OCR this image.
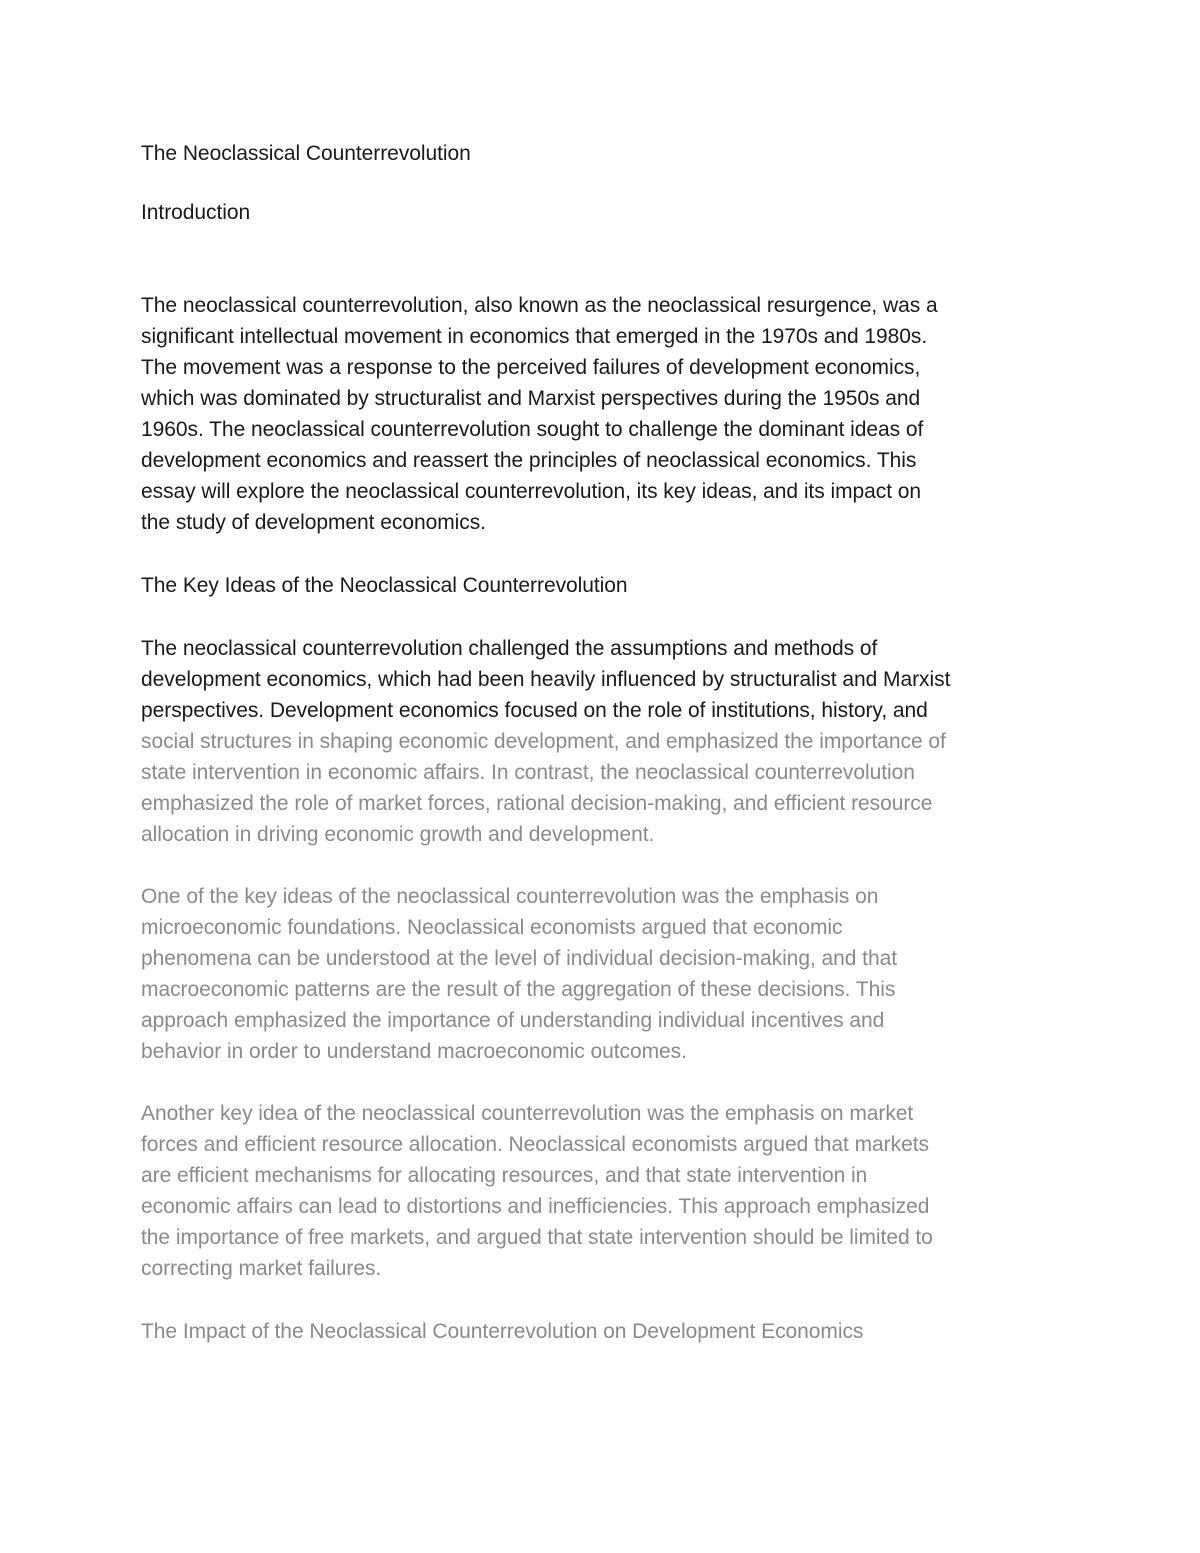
The Neoclassical Counterrevolution
Introduction
The neoclassical counterrevolution, also known as the neoclassical resurgence, was a
significant intellectual movement in economics that emerged in the 1970s and 1980s.
The movement was a response to the perceived failures of development economics,
which was dominated by structuralist and Marxist perspectives during the 1950s and
1960s. The neoclassical counterrevolution sought to challenge the dominant ideas of
development economics and reassert the principles of neoclassical economics. This
essay will explore the neoclassical counterrevolution, its key ideas, and its impact on
the study of development economics.
The Key Ideas of the Neoclassical Counterrevolution
The neoclassical counterrevolution challenged the assumptions and methods of
development economics, which had been heavily influenced by structuralist and Marxist
perspectives. Development economics focused on the role of institutions, history, and
social structures in shaping economic development, and emphasized the importance of
state intervention in economic affairs. In contrast, the neoclassical counterrevolution
emphasized the role of market forces, rational decision-making, and efficient resource
allocation in driving economic growth and development.
One of the key ideas of the neoclassical counterrevolution was the emphasis on
microeconomic foundations. Neoclassical economists argued that economic
phenomena can be understood at the level of individual decision-making, and that
macroeconomic patterns are the result of the aggregation of these decisions. This
approach emphasized the importance of understanding individual incentives and
behavior in order to understand macroeconomic outcomes.
Another key idea of the neoclassical counterrevolution was the emphasis on market
forces and efficient resource allocation. Neoclassical economists argued that markets
are efficient mechanisms for allocating resources, and that state intervention in
economic affairs can lead to distortions and inefficiencies. This approach emphasized
the importance of free markets, and argued that state intervention should be limited to
correcting market failures.
The Impact of the Neoclassical Counterrevolution on Development Economics
